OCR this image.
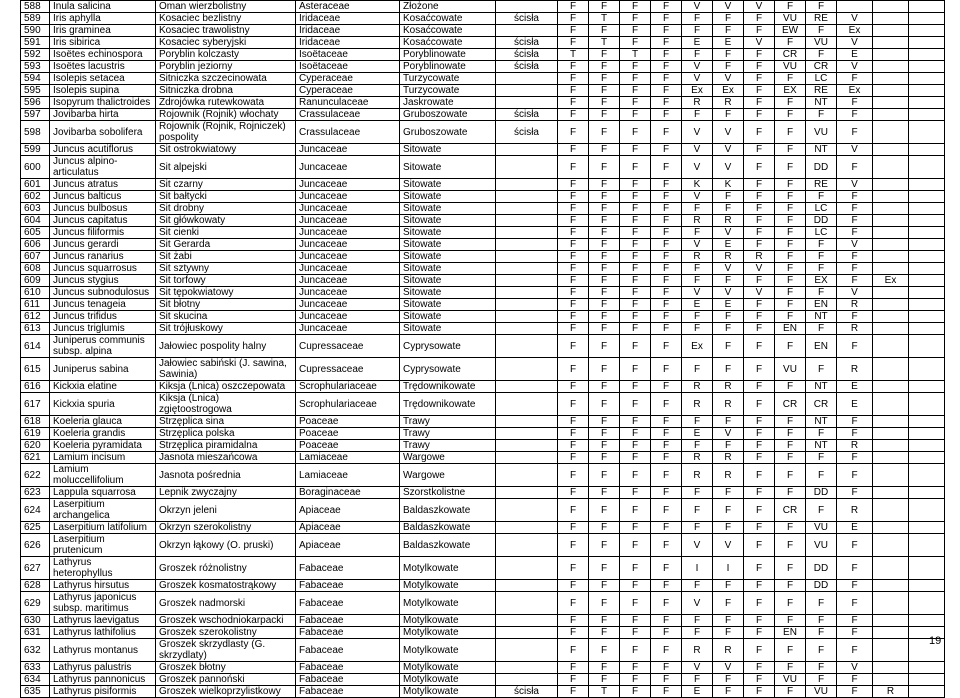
588	Inula salicina	Oman wierzbolistny	Asteraceae	Złożone		F	F	F	F	V	V	V	F	F			
589	Iris aphylla	Kosaciec bezlistny	Iridaceae	Kosaćcowate	ścisła	F	T	F	F	F	F	F	VU	RE	V		
590	Iris graminea	Kosaciec trawolistny	Iridaceae	Kosaćcowate		F	F	F	F	F	F	F	EW	F	Ex		
591	Iris sibirica	Kosaciec syberyjski	Iridaceae	Kosaćcowate	ścisła	F	T	F	F	E	E	V	F	VU	V		
592	Isoëtes echinospora	Poryblin kolczasty	Isoëtaceae	Poryblinowate	ścisła	T	F	T	F	F	F	F	CR	F	E		
593	Isoëtes lacustris	Poryblin jeziorny	Isoëtaceae	Poryblinowate	ścisła	F	F	F	F	V	F	F	VU	CR	V		
594	Isolepis setacea	Sitniczka szczecinowata	Cyperaceae	Turzycowate		F	F	F	F	V	V	F	F	LC	F		
595	Isolepis supina	Sitniczka drobna	Cyperaceae	Turzycowate		F	F	F	F	Ex	Ex	F	EX	RE	Ex		
596	Isopyrum thalictroides	Zdrojówka rutewkowata	Ranunculaceae	Jaskrowate		F	F	F	F	R	R	F	F	NT	F		
597	Jovibarba hirta	Rojownik (Rojnik) włochaty	Crassulaceae	Gruboszowate	ścisła	F	F	F	F	F	F	F	F	F	F		
598	Jovibarba sobolifera	Rojownik (Rojnik, Rojniczek) pospolity	Crassulaceae	Gruboszowate	ścisła	F	F	F	F	V	V	F	F	VU	F		
599	Juncus acutiflorus	Sit ostrokwiatowy	Juncaceae	Sitowate		F	F	F	F	V	V	F	F	NT	V		
600	Juncus alpino-articulatus	Sit alpejski	Juncaceae	Sitowate		F	F	F	F	V	V	F	F	DD	F		
601	Juncus atratus	Sit czarny	Juncaceae	Sitowate		F	F	F	F	K	K	F	F	RE	V		
602	Juncus balticus	Sit bałtycki	Juncaceae	Sitowate		F	F	F	F	V	F	F	F	F	F		
603	Juncus bulbosus	Sit drobny	Juncaceae	Sitowate		F	F	F	F	F	F	F	F	LC	F		
604	Juncus capitatus	Sit główkowaty	Juncaceae	Sitowate		F	F	F	F	R	R	F	F	DD	F		
605	Juncus filiformis	Sit cienki	Juncaceae	Sitowate		F	F	F	F	F	V	F	F	LC	F		
606	Juncus gerardi	Sit Gerarda	Juncaceae	Sitowate		F	F	F	F	V	E	F	F	F	V		
607	Juncus ranarius	Sit żabi	Juncaceae	Sitowate		F	F	F	F	R	R	R	F	F	F		
608	Juncus squarrosus	Sit sztywny	Juncaceae	Sitowate		F	F	F	F	F	V	V	F	F	F		
609	Juncus stygius	Sit torfowy	Juncaceae	Sitowate		F	F	F	F	F	F	F	F	EX	F	Ex	
610	Juncus subnodulosus	Sit tępokwiatowy	Juncaceae	Sitowate		F	F	F	F	V	V	V	F	F	V		
611	Juncus tenageia	Sit błotny	Juncaceae	Sitowate		F	F	F	F	E	E	F	F	EN	R		
612	Juncus trifidus	Sit skucina	Juncaceae	Sitowate		F	F	F	F	F	F	F	F	NT	F		
613	Juncus triglumis	Sit trójłuskowy	Juncaceae	Sitowate		F	F	F	F	F	F	F	EN	F	R		
614	Juniperus communis subsp. alpina	Jałowiec pospolity halny	Cupressaceae	Cyprysowate		F	F	F	F	Ex	F	F	F	EN	F		
615	Juniperus sabina	Jałowiec sabiński (J. sawina, Sawinia)	Cupressaceae	Cyprysowate		F	F	F	F	F	F	F	VU	F	R		
616	Kickxia elatine	Kiksja (Lnica) oszczepowata	Scrophulariaceae	Trędownikowate		F	F	F	F	R	R	F	F	NT	E		
617	Kickxia spuria	Kiksja (Lnica) zgiętoostrogowa	Scrophulariaceae	Trędownikowate		F	F	F	F	R	R	F	CR	CR	E		
618	Koeleria glauca	Strzęplica sina	Poaceae	Trawy		F	F	F	F	F	F	F	F	NT	F		
619	Koeleria grandis	Strzęplica polska	Poaceae	Trawy		F	F	F	F	E	V	F	F	F	F		
620	Koeleria pyramidata	Strzęplica piramidalna	Poaceae	Trawy		F	F	F	F	F	F	F	F	NT	R		
621	Lamium incisum	Jasnota mieszańcowa	Lamiaceae	Wargowe		F	F	F	F	R	R	F	F	F	F		
622	Lamium moluccellifolium	Jasnota pośrednia	Lamiaceae	Wargowe		F	F	F	F	R	R	F	F	F	F		
623	Lappula squarrosa	Lepnik zwyczajny	Boraginaceae	Szorstkolistne		F	F	F	F	F	F	F	F	DD	F		
624	Laserpitium archangelica	Okrzyn jeleni	Apiaceae	Baldaszkowate		F	F	F	F	F	F	F	CR	F	R		
625	Laserpitium latifolium	Okrzyn szerokolistny	Apiaceae	Baldaszkowate		F	F	F	F	F	F	F	F	VU	E		
626	Laserpitium prutenicum	Okrzyn łąkowy (O. pruski)	Apiaceae	Baldaszkowate		F	F	F	F	V	V	F	F	VU	F		
627	Lathyrus heterophyllus	Groszek różnolistny	Fabaceae	Motylkowate		F	F	F	F	I	I	F	F	DD	F		
628	Lathyrus hirsutus	Groszek kosmatostrąkowy	Fabaceae	Motylkowate		F	F	F	F	F	F	F	F	DD	F		
629	Lathyrus japonicus subsp. maritimus	Groszek nadmorski	Fabaceae	Motylkowate		F	F	F	F	V	F	F	F	F	F		
630	Lathyrus laevigatus	Groszek wschodniokarpacki	Fabaceae	Motylkowate		F	F	F	F	F	F	F	F	F	F		
631	Lathyrus lathifolius	Groszek szerokolistny	Fabaceae	Motylkowate		F	F	F	F	F	F	F	EN	F	F		
632	Lathyrus montanus	Groszek skrzydlasty (G. skrzydlaty)	Fabaceae	Motylkowate		F	F	F	F	R	R	F	F	F	F		
633	Lathyrus palustris	Groszek błotny	Fabaceae	Motylkowate		F	F	F	F	V	V	F	F	F	V		
634	Lathyrus pannonicus	Groszek pannoński	Fabaceae	Motylkowate		F	F	F	F	F	F	F	VU	F	F		
635	Lathyrus pisiformis	Groszek wielkoprzylistkowy	Fabaceae	Motylkowate	ścisła	F	T	F	F	E	F	F	F	VU	F	R	
19
